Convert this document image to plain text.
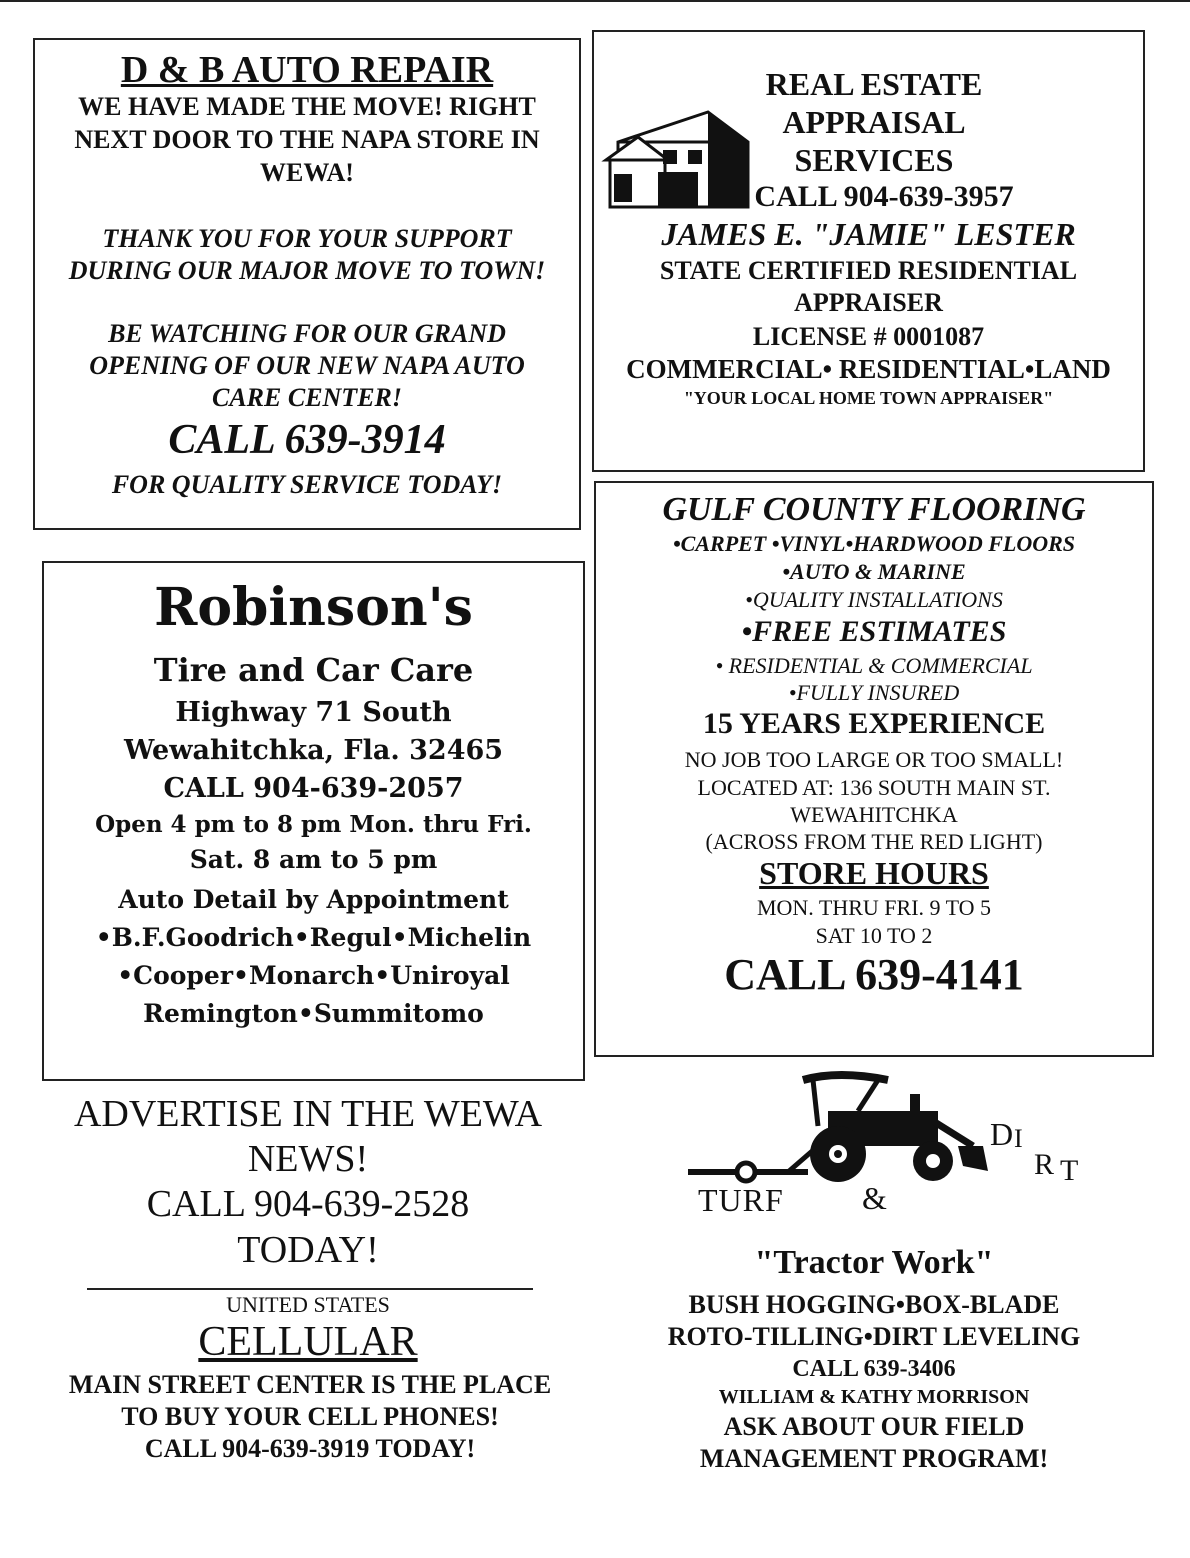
D & B AUTO REPAIR
WE HAVE MADE THE MOVE! RIGHT
NEXT DOOR TO THE NAPA STORE IN
WEWA!
THANK YOU FOR YOUR SUPPORT
DURING OUR MAJOR MOVE TO TOWN!
BE WATCHING FOR OUR GRAND
OPENING OF OUR NEW NAPA AUTO
CARE CENTER!
CALL 639-3914
FOR QUALITY SERVICE TODAY!
REAL ESTATE
APPRAISAL
SERVICES
CALL 904-639-3957
JAMES E. "JAMIE" LESTER
STATE CERTIFIED RESIDENTIAL
APPRAISER
LICENSE # 0001087
COMMERCIAL• RESIDENTIAL•LAND
"YOUR LOCAL HOME TOWN APPRAISER"
GULF COUNTY FLOORING
•CARPET •VINYL•HARDWOOD FLOORS
•AUTO & MARINE
•QUALITY INSTALLATIONS
•FREE ESTIMATES
• RESIDENTIAL & COMMERCIAL
•FULLY INSURED
15 YEARS EXPERIENCE
NO JOB TOO LARGE OR TOO SMALL!
LOCATED AT: 136 SOUTH MAIN ST.
WEWAHITCHKA
(ACROSS FROM THE RED LIGHT)
STORE HOURS
MON. THRU FRI. 9 TO 5
SAT 10 TO 2
CALL 639-4141
Robinson's
Tire and Car Care
Highway 71 South
Wewahitchka, Fla. 32465
CALL 904-639-2057
Open 4 pm to 8 pm Mon. thru Fri.
Sat. 8 am to 5 pm
Auto Detail by Appointment
•B.F.Goodrich•Regul•Michelin
•Cooper•Monarch•Uniroyal
Remington•Summitomo
ADVERTISE IN THE WEWA
NEWS!
CALL 904-639-2528
TODAY!
UNITED STATES
CELLULAR
MAIN STREET CENTER IS THE PLACE
TO BUY YOUR CELL PHONES!
CALL 904-639-3919 TODAY!
TURF &
D I
R T
"Tractor Work"
BUSH HOGGING•BOX-BLADE
ROTO-TILLING•DIRT LEVELING
CALL 639-3406
WILLIAM & KATHY MORRISON
ASK ABOUT OUR FIELD
MANAGEMENT PROGRAM!
